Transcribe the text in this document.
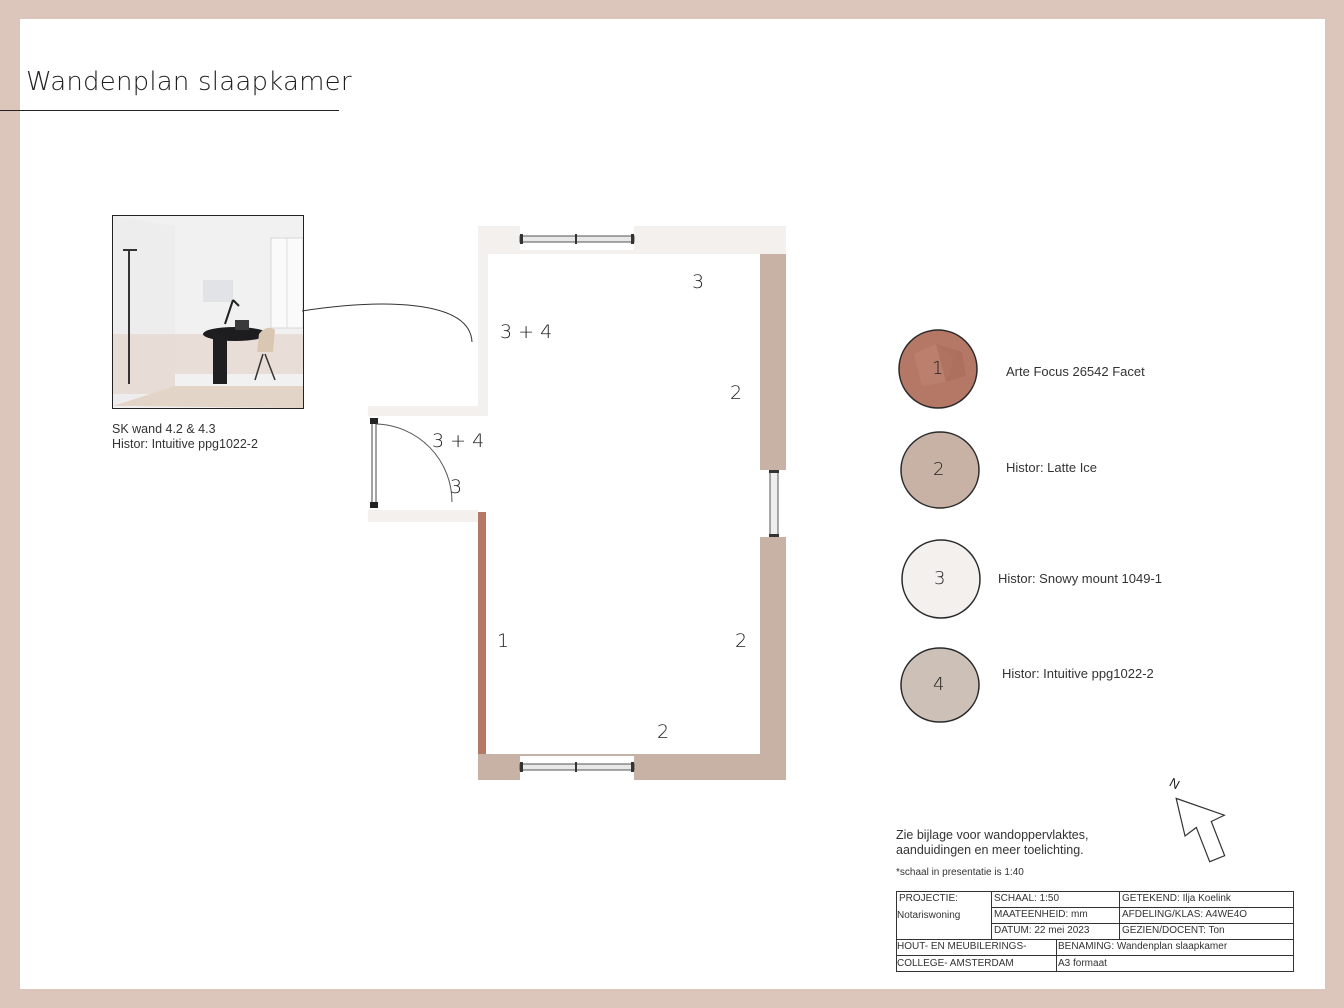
Wandenplan slaapkamer
SK wand 4.2 & 4.3
Histor: Intuitive ppg1022-2
3
3 + 4
2
3 + 4
3
1	2
2
1
2
3
4
Arte Focus 26542 Facet
Histor: Latte Ice
Histor: Snowy mount 1049-1
Histor: Intuitive ppg1022-2
N
Zie bijlage voor wandoppervlaktes,
aanduidingen en meer toelichting.
*schaal in presentatie is 1:40
PROJECTIE:
Notariswoning
SCHAAL: 1:50
MAATEENHEID: mm
DATUM: 22 mei 2023
GETEKEND: Ilja Koelink
AFDELING/KLAS: A4WE4O
GEZIEN/DOCENT: Ton
HOUT- EN MEUBILERINGS-
COLLEGE- AMSTERDAM
BENAMING: Wandenplan slaapkamer
A3 formaat
